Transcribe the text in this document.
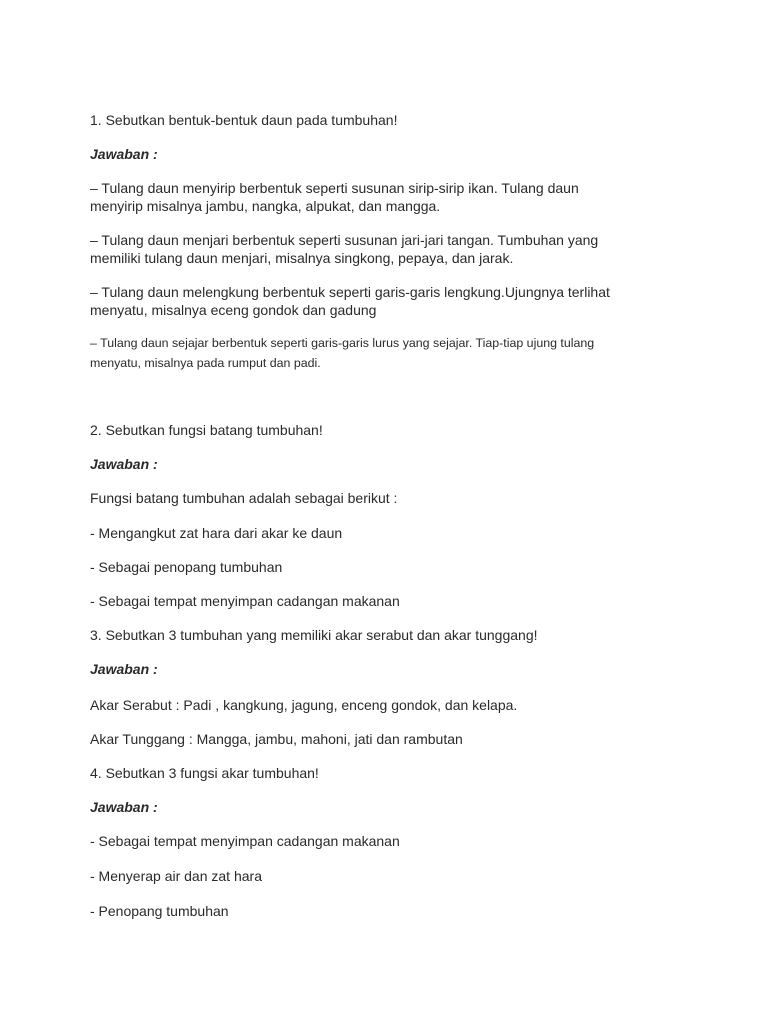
1. Sebutkan bentuk-bentuk daun pada tumbuhan!
Jawaban :
– Tulang daun menyirip berbentuk seperti susunan sirip-sirip ikan. Tulang daun
menyirip misalnya jambu, nangka, alpukat, dan mangga.
– Tulang daun menjari berbentuk seperti susunan jari-jari tangan. Tumbuhan yang
memiliki tulang daun menjari, misalnya singkong, pepaya, dan jarak.
– Tulang daun melengkung berbentuk seperti garis-garis lengkung.Ujungnya terlihat
menyatu, misalnya eceng gondok dan gadung
– Tulang daun sejajar berbentuk seperti garis-garis lurus yang sejajar. Tiap-tiap ujung tulang
menyatu, misalnya pada rumput dan padi.
2. Sebutkan fungsi batang tumbuhan!
Jawaban :
Fungsi batang tumbuhan adalah sebagai berikut :
- Mengangkut zat hara dari akar ke daun
- Sebagai penopang tumbuhan
- Sebagai tempat menyimpan cadangan makanan
3. Sebutkan 3 tumbuhan yang memiliki akar serabut dan akar tunggang!
Jawaban :
Akar Serabut : Padi , kangkung, jagung, enceng gondok, dan kelapa.
Akar Tunggang : Mangga, jambu, mahoni, jati dan rambutan
4. Sebutkan 3 fungsi akar tumbuhan!
Jawaban :
- Sebagai tempat menyimpan cadangan makanan
- Menyerap air dan zat hara
- Penopang tumbuhan
